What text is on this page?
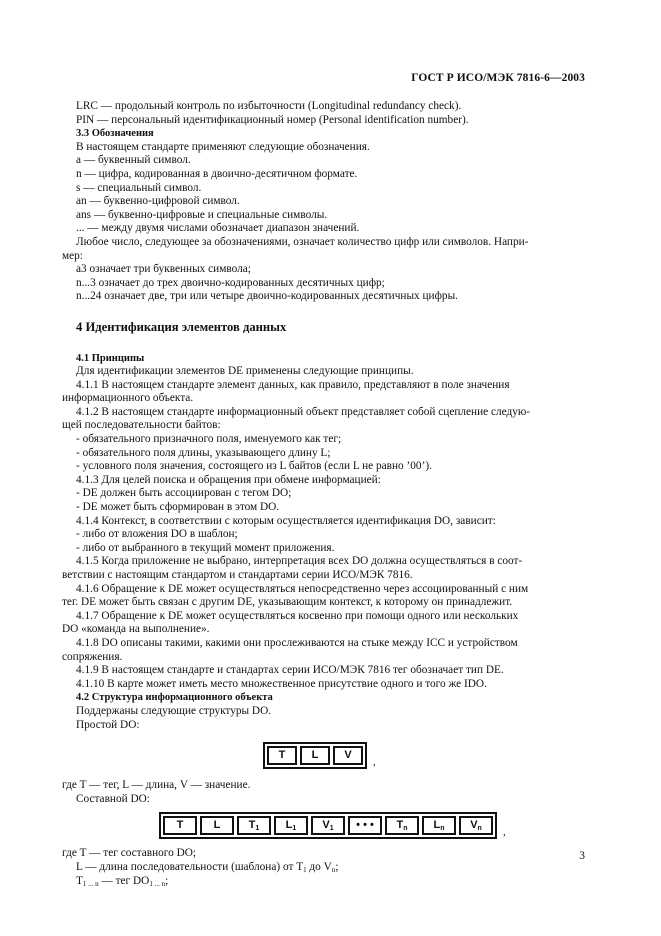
ГОСТ Р ИСО/МЭК 7816-6—2003
LRC — продольный контроль по избыточности (Longitudinal redundancy check).
PIN — персональный идентификационный номер (Personal identification number).
3.3 Обозначения
В настоящем стандарте применяют следующие обозначения.
a — буквенный символ.
n — цифра, кодированная в двоично-десятичном формате.
s — специальный символ.
an — буквенно-цифровой символ.
ans — буквенно-цифровые и специальные символы.
... — между двумя числами обозначает диапазон значений.
Любое число, следующее за обозначениями, означает количество цифр или символов. Напри-
мер:
a3 означает три буквенных символа;
n...3 означает до трех двоично-кодированных десятичных цифр;
n...24 означает две, три или четыре двоично-кодированных десятичных цифры.
4 Идентификация элементов данных
4.1 Принципы
Для идентификации элементов DE применены следующие принципы.
4.1.1 В настоящем стандарте элемент данных, как правило, представляют в поле значения
информационного объекта.
4.1.2 В настоящем стандарте информационный объект представляет собой сцепление следую-
щей последовательности байтов:
- обязательного призначного поля, именуемого как тег;
- обязательного поля длины, указывающего длину L;
- условного поля значения, состоящего из L байтов (если L не равно ’00’).
4.1.3 Для целей поиска и обращения при обмене информацией:
- DE должен быть ассоциирован с тегом DO;
- DE может быть сформирован в этом DO.
4.1.4 Контекст, в соответствии с которым осуществляется идентификация DO, зависит:
- либо от вложения DO в шаблон;
- либо от выбранного в текущий момент приложения.
4.1.5 Когда приложение не выбрано, интерпретация всех DO должна осуществляться в соот-
ветствии с настоящим стандартом и стандартами серии ИСО/МЭК 7816.
4.1.6 Обращение к DE может осуществляться непосредственно через ассоциированный с ним
тег. DE может быть связан с другим DE, указывающим контекст, к которому он принадлежит.
4.1.7 Обращение к DE может осуществляться косвенно при помощи одного или нескольких
DO «команда на выполнение».
4.1.8 DO описаны такими, какими они прослеживаются на стыке между ICC и устройством
сопряжения.
4.1.9 В настоящем стандарте и стандартах серии ИСО/МЭК 7816 тег обозначает тип DE.
4.1.10 В карте может иметь место множественное присутствие одного и того же IDO.
4.2 Структура информационного объекта
Поддержаны следующие структуры DO.
Простой DO:
T	L	V
,
где T — тег, L — длина, V — значение.
Составной DO:
T	L	$T_1$	$L_1$	$V_1$	• • •	$T_n$	$L_n$	$V_n$	,
где T — тег составного DO;
L — длина последовательности (шаблона) от $T_1$ до $V_n$;
$T_{1 ... n}$ — тег $DO_{1 ... n}$;
3
